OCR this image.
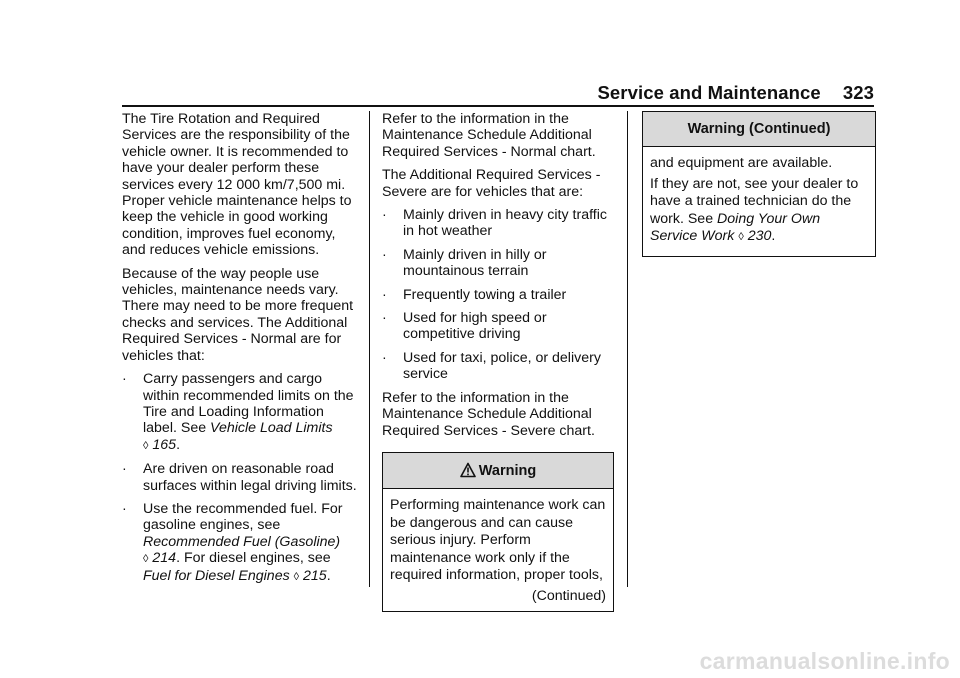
Service and Maintenance 323

The Tire Rotation and Required Services are the responsibility of the vehicle owner. It is recommended to have your dealer perform these services every 12 000 km/7,500 mi. Proper vehicle maintenance helps to keep the vehicle in good working condition, improves fuel economy, and reduces vehicle emissions.

Because of the way people use vehicles, maintenance needs vary. There may need to be more frequent checks and services. The Additional Required Services - Normal are for vehicles that:

· Carry passengers and cargo within recommended limits on the Tire and Loading Information label. See Vehicle Load Limits
◊ 165.
· Are driven on reasonable road surfaces within legal driving limits.
· Use the recommended fuel. For gasoline engines, see
Recommended Fuel (Gasoline)
◊ 214. For diesel engines, see
Fuel for Diesel Engines ◊ 215.

Refer to the information in the Maintenance Schedule Additional Required Services - Normal chart.

The Additional Required Services - Severe are for vehicles that are:

· Mainly driven in heavy city traffic in hot weather
· Mainly driven in hilly or mountainous terrain
· Frequently towing a trailer
· Used for high speed or competitive driving
· Used for taxi, police, or delivery service

Refer to the information in the Maintenance Schedule Additional Required Services - Severe chart.

Warning

Performing maintenance work can be dangerous and can cause serious injury. Perform maintenance work only if the required information, proper tools,

(Continued)
Warning (Continued)

and equipment are available.

If they are not, see your dealer to have a trained technician do the work. See Doing Your Own Service Work ◊ 230.

carmanualsonline.info
